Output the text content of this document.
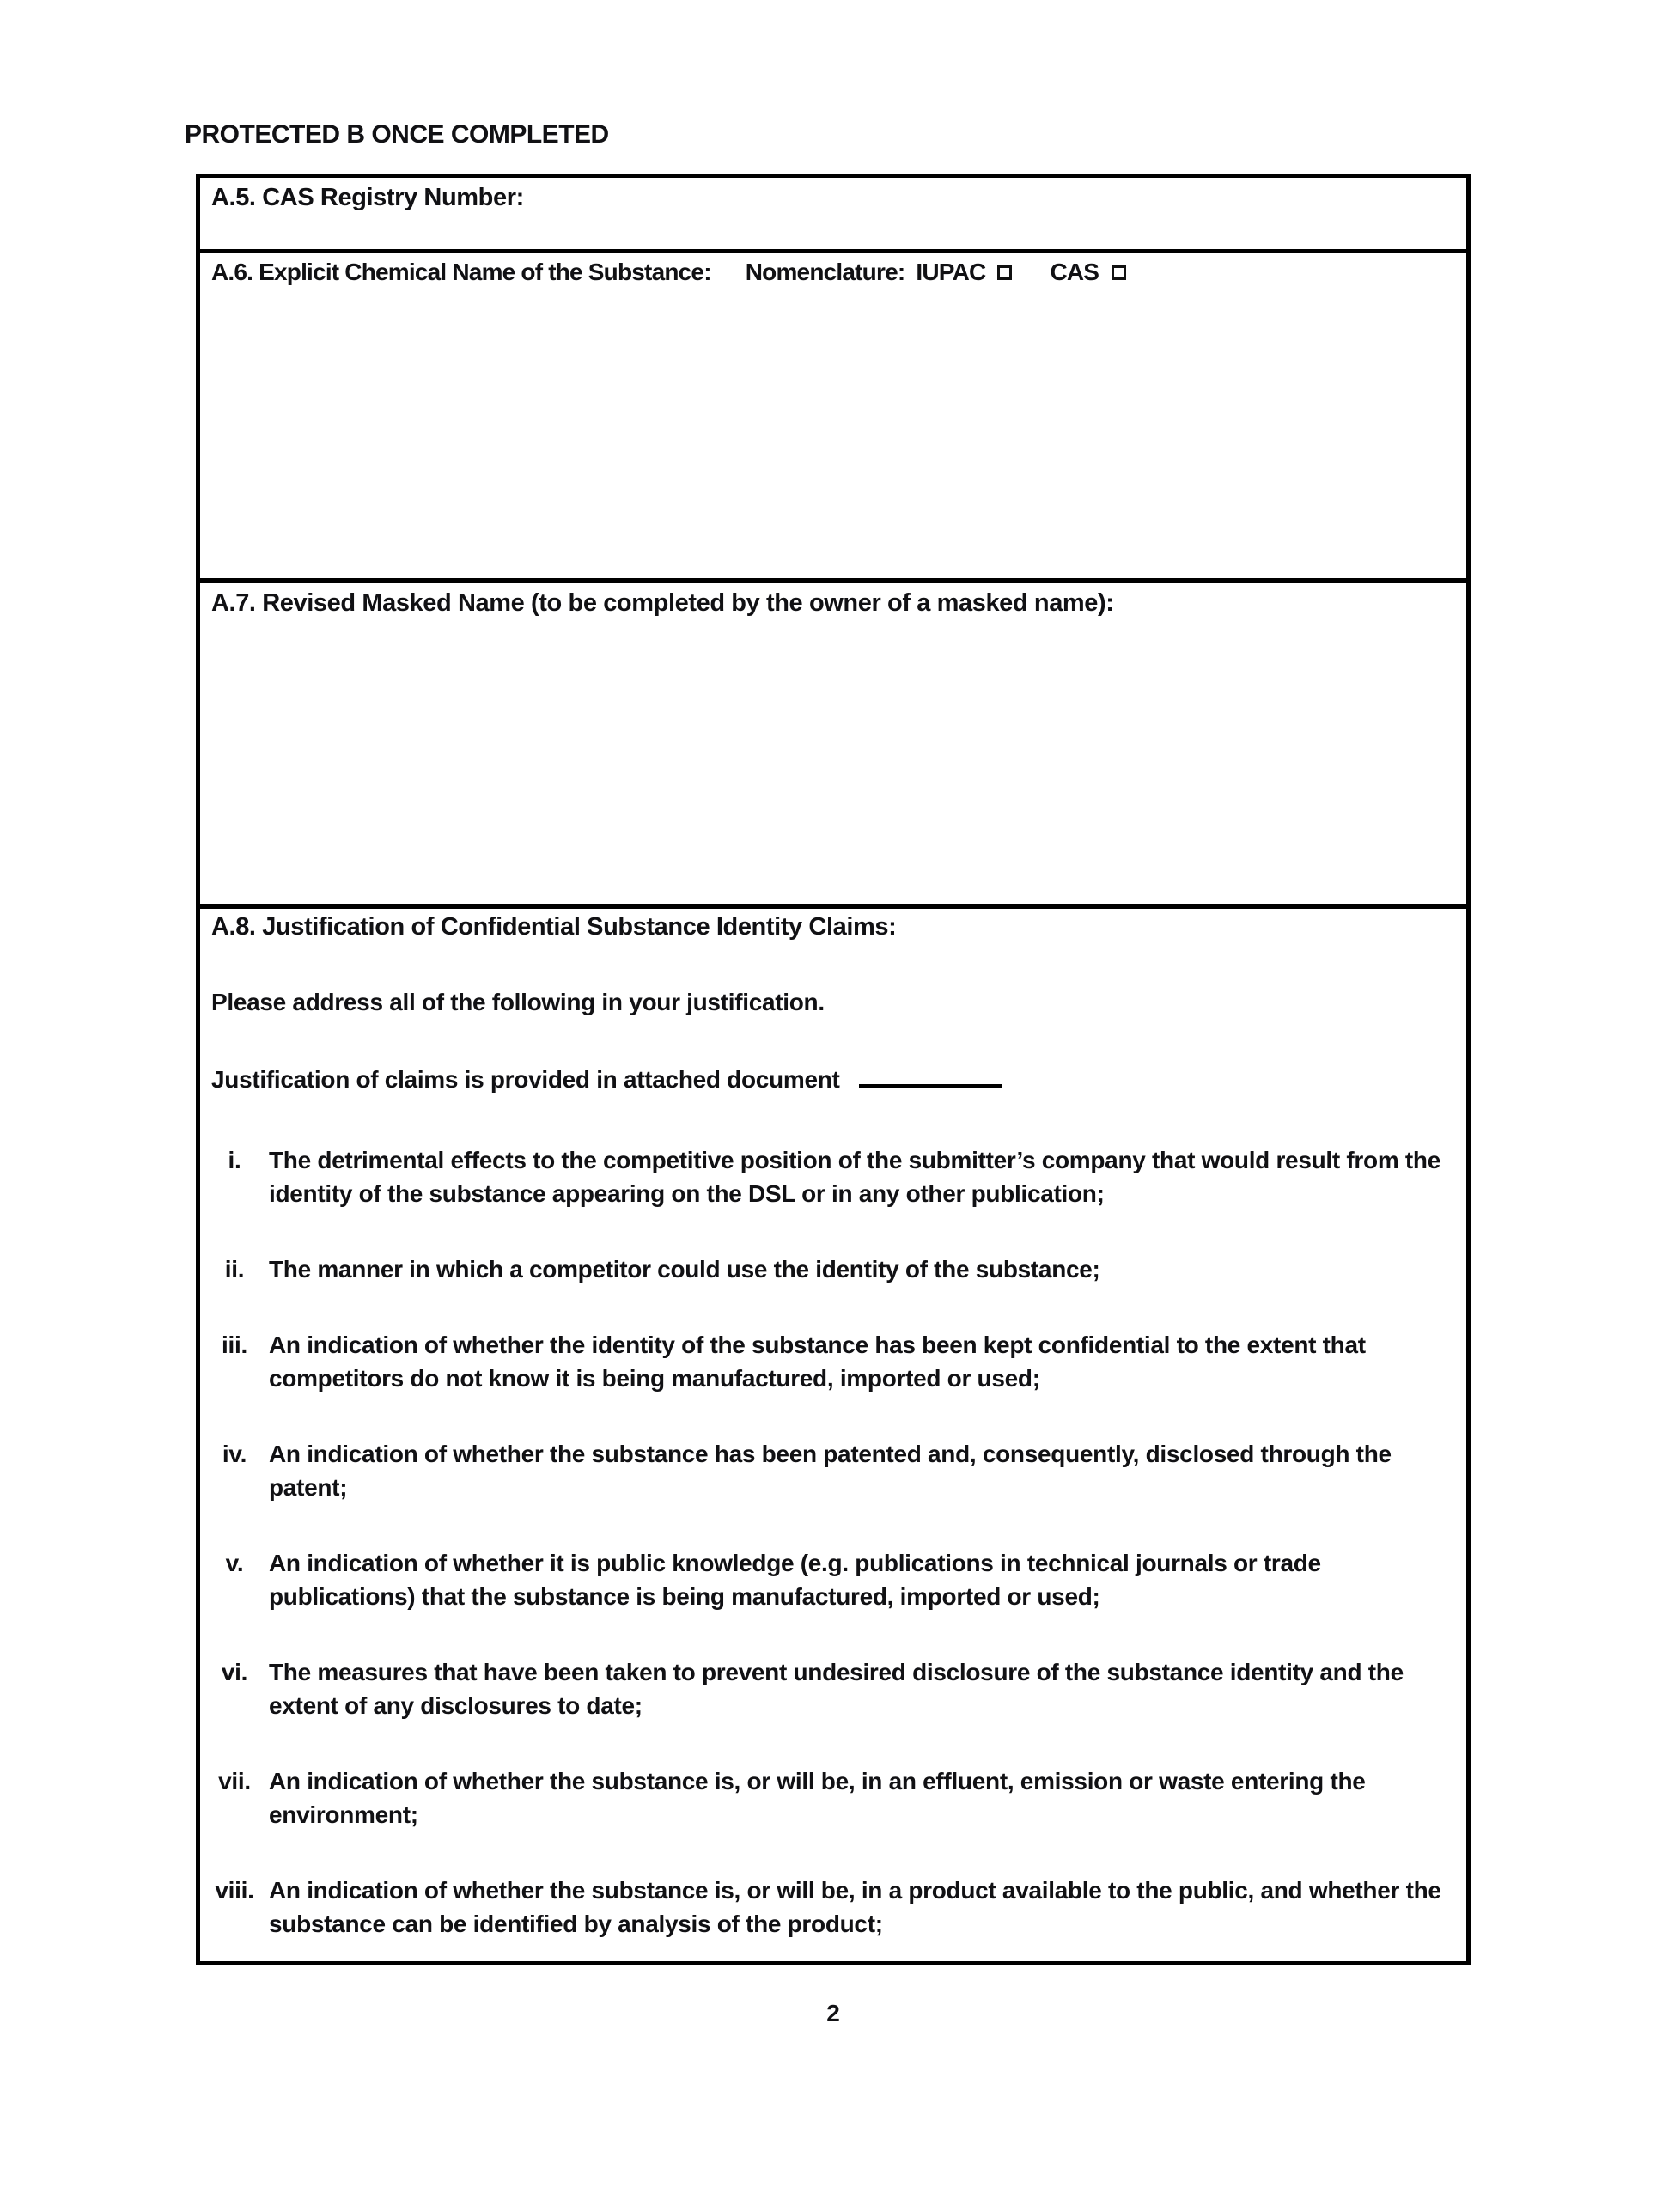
PROTECTED B ONCE COMPLETED
A.5. CAS Registry Number:
A.6. Explicit Chemical Name of the Substance: Nomenclature: IUPAC	CAS
A.7. Revised Masked Name (to be completed by the owner of a masked name):
A.8. Justification of Confidential Substance Identity Claims:
Please address all of the following in your justification.
Justification of claims is provided in attached document
i.	The detrimental effects to the competitive position of the submitter’s company that would result from the identity of the substance appearing on the DSL or in any other publication;
ii.	The manner in which a competitor could use the identity of the substance;
iii. An indication of whether the identity of the substance has been kept confidential to the extent that competitors do not know it is being manufactured, imported or used;
iv. An indication of whether the substance has been patented and, consequently, disclosed through the patent;
v.	An indication of whether it is public knowledge (e.g. publications in technical journals or trade publications) that the substance is being manufactured, imported or used;
vi. The measures that have been taken to prevent undesired disclosure of the substance identity and the extent of any disclosures to date;
vii. An indication of whether the substance is, or will be, in an effluent, emission or waste entering the environment;
viii. An indication of whether the substance is, or will be, in a product available to the public, and whether the substance can be identified by analysis of the product;
2
